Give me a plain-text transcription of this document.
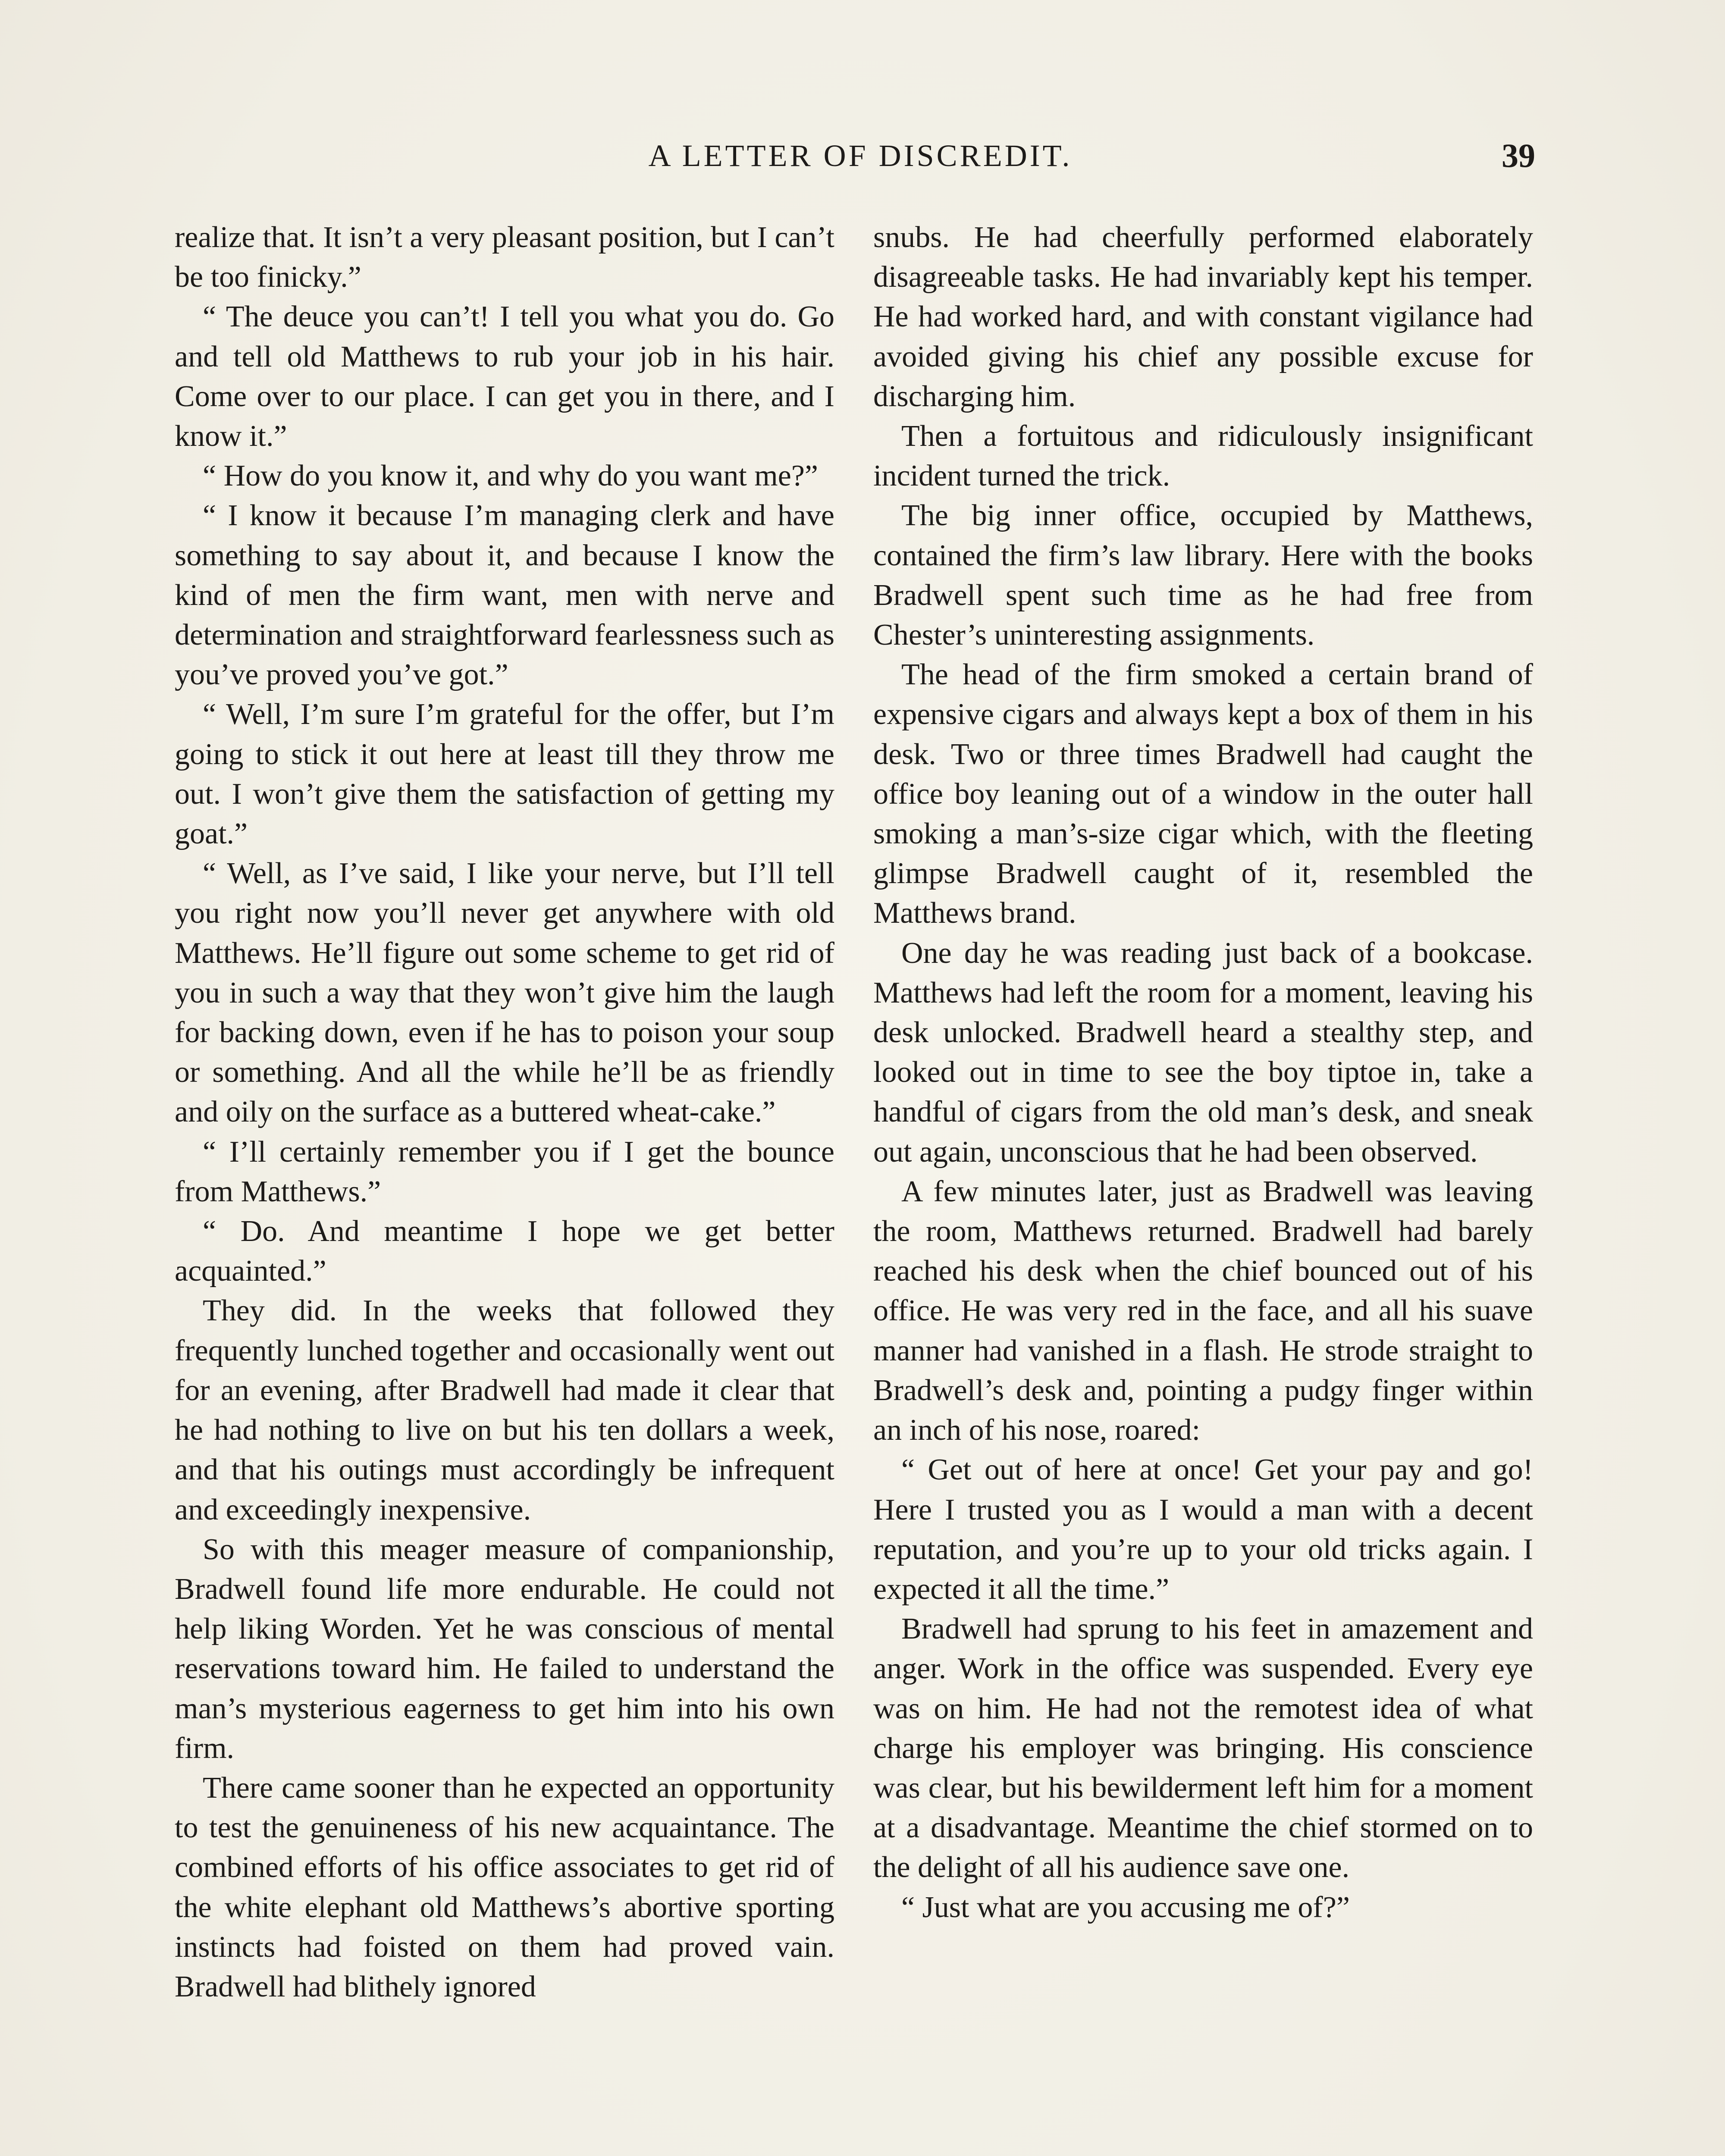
A LETTER OF DISCREDIT.	39

realize that. It isn’t a very pleasant position, but I can’t be too finicky.”

“ The deuce you can’t! I tell you what you do. Go and tell old Matthews to rub your job in his hair. Come over to our place. I can get you in there, and I know it.”

“ How do you know it, and why do you want me?”

“ I know it because I’m managing clerk and have something to say about it, and because I know the kind of men the firm want, men with nerve and determination and straightforward fearlessness such as you’ve proved you’ve got.”

“ Well, I’m sure I’m grateful for the offer, but I’m going to stick it out here at least till they throw me out. I won’t give them the satisfaction of getting my goat.”

“ Well, as I’ve said, I like your nerve, but I’ll tell you right now you’ll never get anywhere with old Matthews. He’ll figure out some scheme to get rid of you in such a way that they won’t give him the laugh for backing down, even if he has to poison your soup or something. And all the while he’ll be as friendly and oily on the surface as a buttered wheat-cake.”

“ I’ll certainly remember you if I get the bounce from Matthews.”

“ Do. And meantime I hope we get better acquainted.”

They did. In the weeks that followed they frequently lunched together and occasionally went out for an evening, after Bradwell had made it clear that he had nothing to live on but his ten dollars a week, and that his outings must accordingly be infrequent and exceedingly inexpensive.

So with this meager measure of companionship, Bradwell found life more endurable. He could not help liking Worden. Yet he was conscious of mental reservations toward him. He failed to understand the man’s mysterious eagerness to get him into his own firm.

There came sooner than he expected an opportunity to test the genuineness of his new acquaintance. The combined efforts of his office associates to get rid of the white elephant old Matthews’s abortive sporting instincts had foisted on them had proved vain. Bradwell had blithely ignored

snubs. He had cheerfully performed elaborately disagreeable tasks. He had invariably kept his temper. He had worked hard, and with constant vigilance had avoided giving his chief any possible excuse for discharging him.

Then a fortuitous and ridiculously insignificant incident turned the trick.

The big inner office, occupied by Matthews, contained the firm’s law library. Here with the books Bradwell spent such time as he had free from Chester’s uninteresting assignments.

The head of the firm smoked a certain brand of expensive cigars and always kept a box of them in his desk. Two or three times Bradwell had caught the office boy leaning out of a window in the outer hall smoking a man’s-size cigar which, with the fleeting glimpse Bradwell caught of it, resembled the Matthews brand.

One day he was reading just back of a bookcase. Matthews had left the room for a moment, leaving his desk unlocked. Bradwell heard a stealthy step, and looked out in time to see the boy tiptoe in, take a handful of cigars from the old man’s desk, and sneak out again, unconscious that he had been observed.

A few minutes later, just as Bradwell was leaving the room, Matthews returned. Bradwell had barely reached his desk when the chief bounced out of his office. He was very red in the face, and all his suave manner had vanished in a flash. He strode straight to Bradwell’s desk and, pointing a pudgy finger within an inch of his nose, roared:

“ Get out of here at once! Get your pay and go! Here I trusted you as I would a man with a decent reputation, and you’re up to your old tricks again. I expected it all the time.”

Bradwell had sprung to his feet in amazement and anger. Work in the office was suspended. Every eye was on him. He had not the remotest idea of what charge his employer was bringing. His conscience was clear, but his bewilderment left him for a moment at a disadvantage. Meantime the chief stormed on to the delight of all his audience save one.

“ Just what are you accusing me of?”
